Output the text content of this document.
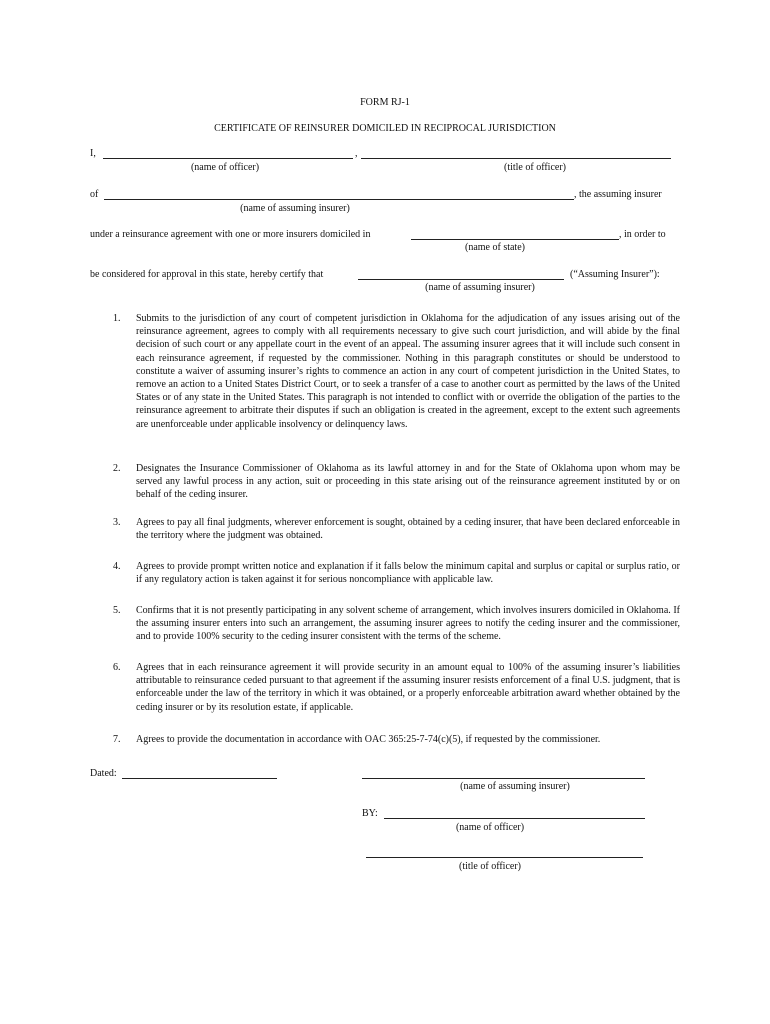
FORM RJ-1
CERTIFICATE OF REINSURER DOMICILED IN RECIPROCAL JURISDICTION
I,	,
(name of officer)	(title of officer)
of	, the assuming insurer
(name of assuming insurer)
under a reinsurance agreement with one or more insurers domiciled in	, in order to
(name of state)
be considered for approval in this state, hereby certify that	(“Assuming Insurer”):
(name of assuming insurer)
1.	Submits to the jurisdiction of any court of competent jurisdiction in Oklahoma for the adjudication of any issues arising out of the reinsurance agreement, agrees to comply with all requirements necessary to give such court jurisdiction, and will abide by the final decision of such court or any appellate court in the event of an appeal. The assuming insurer agrees that it will include such consent in each reinsurance agreement, if requested by the commissioner. Nothing in this paragraph constitutes or should be understood to constitute a waiver of assuming insurer’s rights to commence an action in any court of competent jurisdiction in the United States, to remove an action to a United States District Court, or to seek a transfer of a case to another court as permitted by the laws of the United States or of any state in the United States. This paragraph is not intended to conflict with or override the obligation of the parties to the reinsurance agreement to arbitrate their disputes if such an obligation is created in the agreement, except to the extent such agreements are unenforceable under applicable insolvency or delinquency laws.
2.	Designates the Insurance Commissioner of Oklahoma as its lawful attorney in and for the State of Oklahoma upon whom may be served any lawful process in any action, suit or proceeding in this state arising out of the reinsurance agreement instituted by or on behalf of the ceding insurer.
3.	Agrees to pay all final judgments, wherever enforcement is sought, obtained by a ceding insurer, that have been declared enforceable in the territory where the judgment was obtained.
4.	Agrees to provide prompt written notice and explanation if it falls below the minimum capital and surplus or capital or surplus ratio, or if any regulatory action is taken against it for serious noncompliance with applicable law.
5.	Confirms that it is not presently participating in any solvent scheme of arrangement, which involves insurers domiciled in Oklahoma. If the assuming insurer enters into such an arrangement, the assuming insurer agrees to notify the ceding insurer and the commissioner, and to provide 100% security to the ceding insurer consistent with the terms of the scheme.
6.	Agrees that in each reinsurance agreement it will provide security in an amount equal to 100% of the assuming insurer’s liabilities attributable to reinsurance ceded pursuant to that agreement if the assuming insurer resists enforcement of a final U.S. judgment, that is enforceable under the law of the territory in which it was obtained, or a properly enforceable arbitration award whether obtained by the ceding insurer or by its resolution estate, if applicable.
7.	Agrees to provide the documentation in accordance with OAC 365:25-7-74(c)(5), if requested by the commissioner.
Dated:
(name of assuming insurer)
BY:
(name of officer)
(title of officer)
